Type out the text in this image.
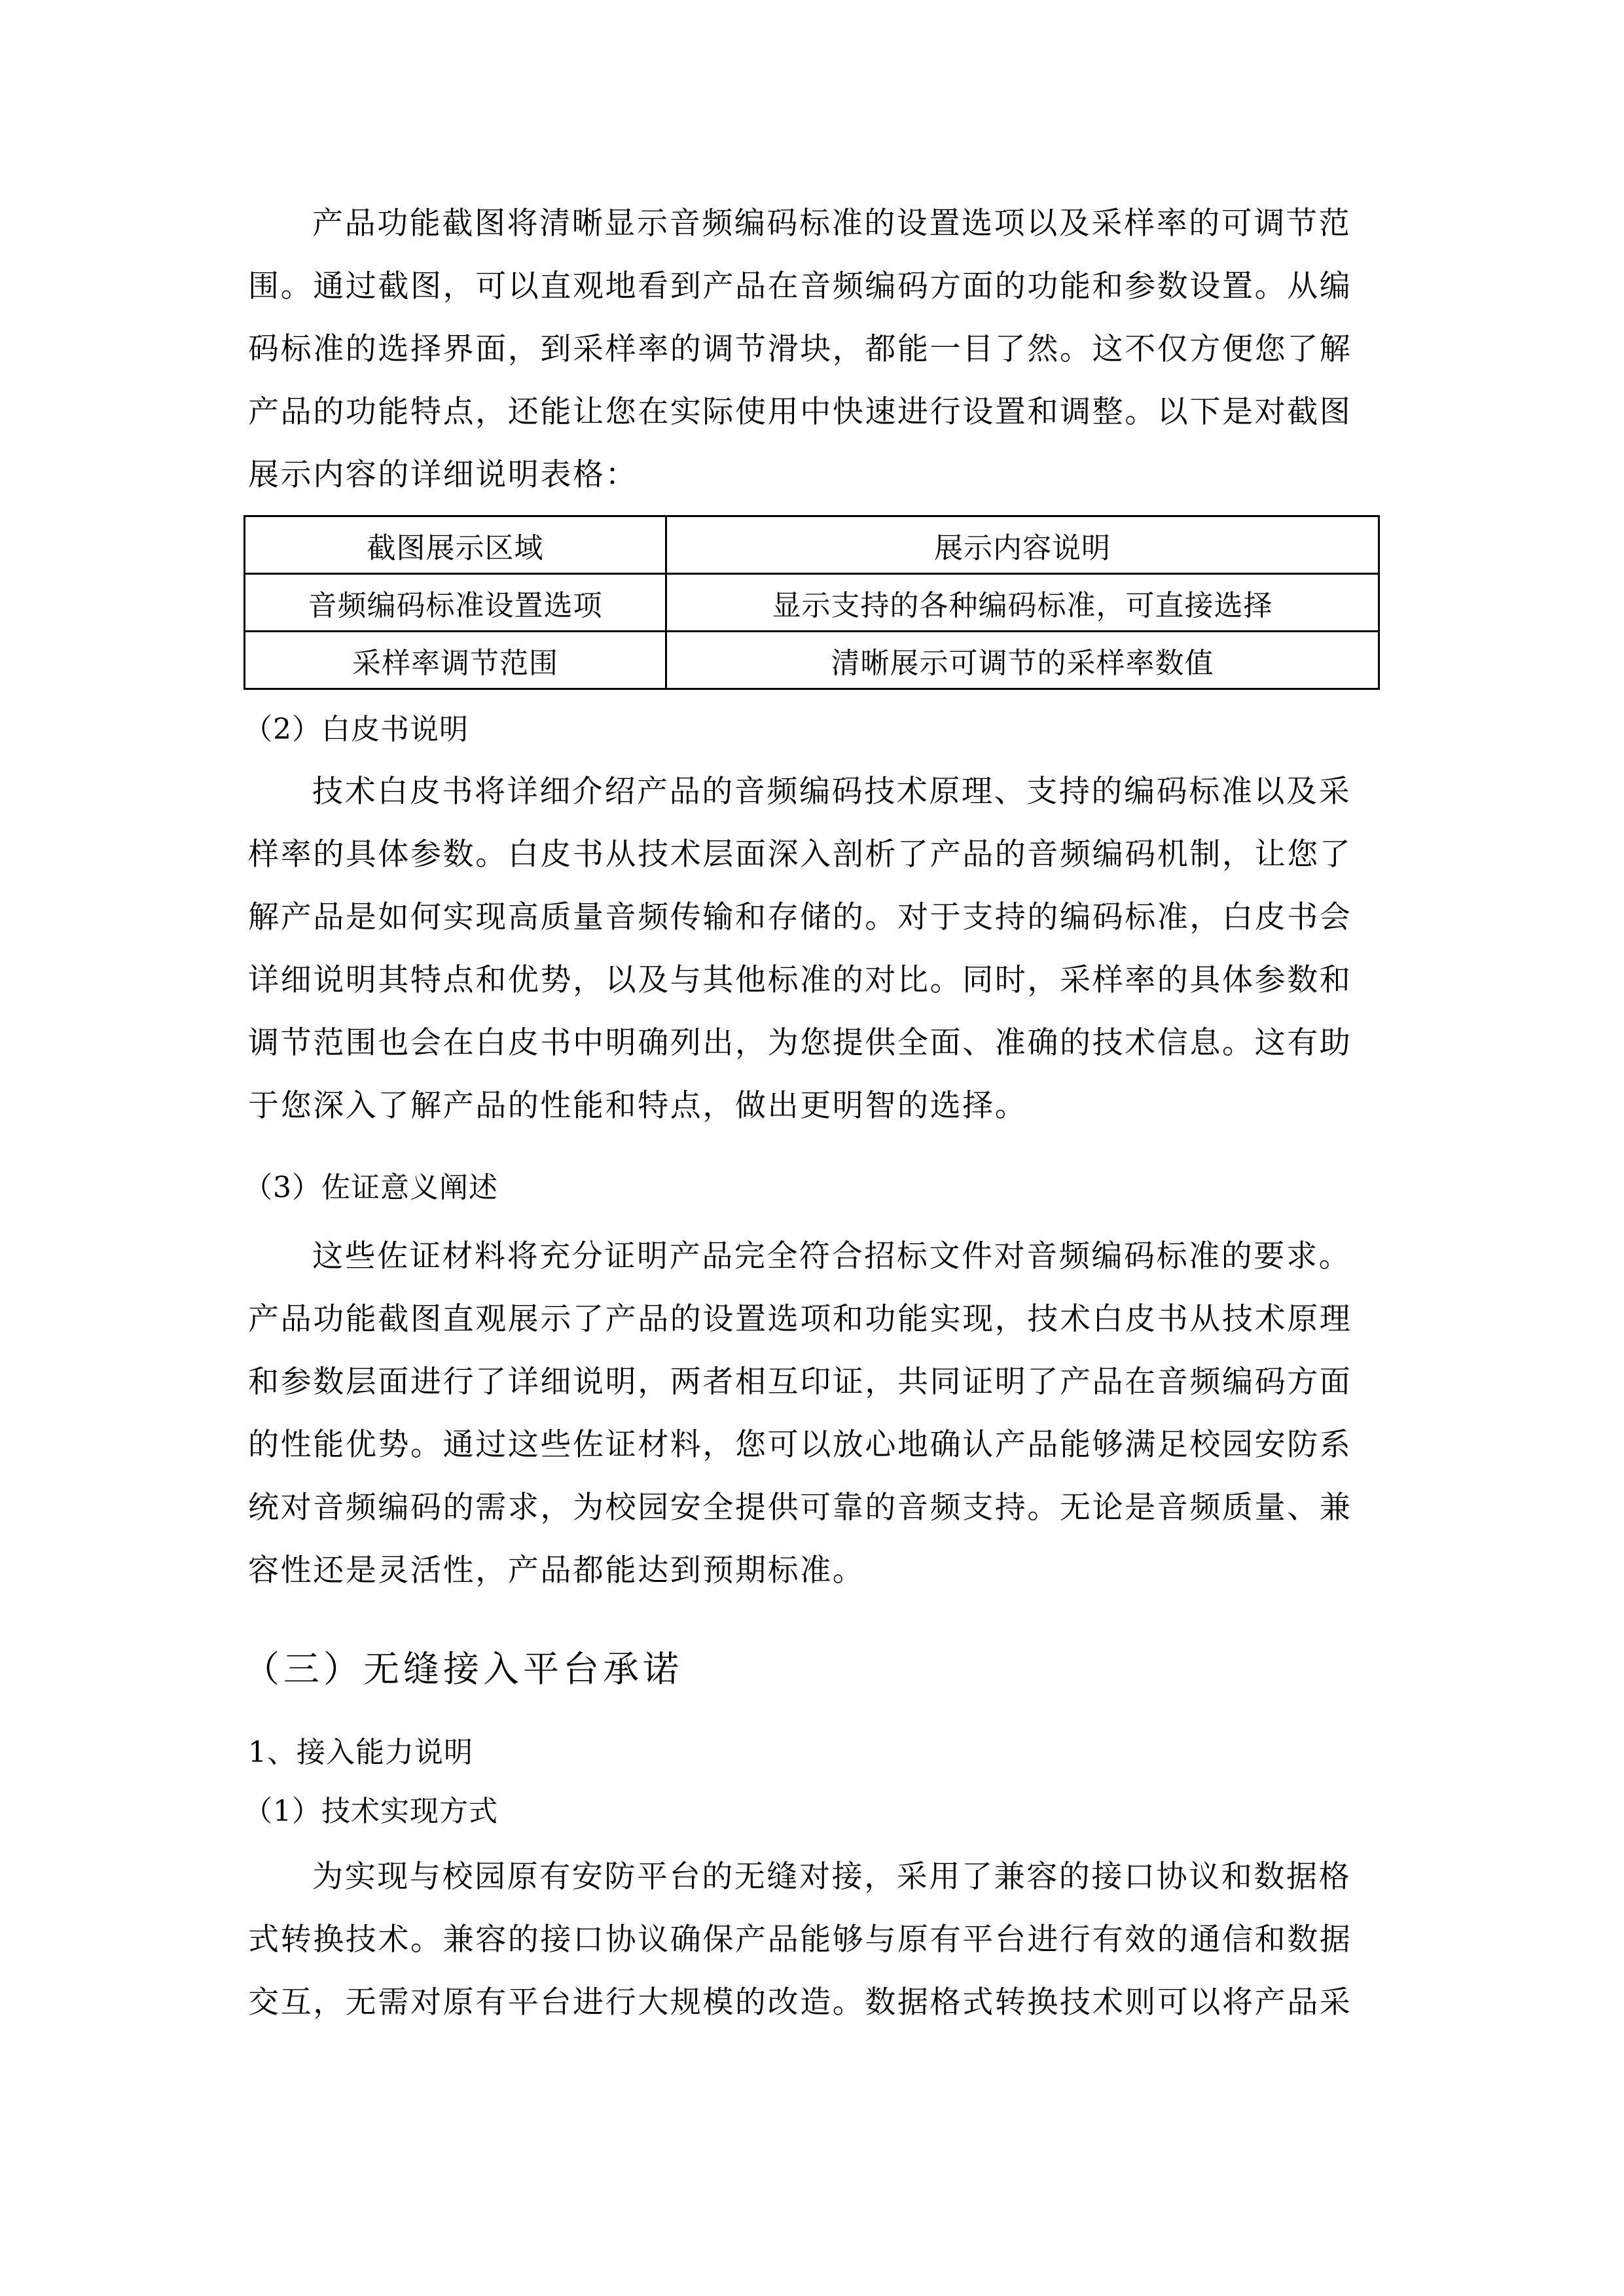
产品功能截图将清晰显示音频编码标准的设置选项以及采样率的可调节范
围。通过截图，可以直观地看到产品在音频编码方面的功能和参数设置。从编
码标准的选择界面，到采样率的调节滑块，都能一目了然。这不仅方便您了解
产品的功能特点，还能让您在实际使用中快速进行设置和调整。以下是对截图
展示内容的详细说明表格：
截图展示区域	展示内容说明
音频编码标准设置选项	显示支持的各种编码标准，可直接选择
采样率调节范围	清晰展示可调节的采样率数值
（2）白皮书说明
技术白皮书将详细介绍产品的音频编码技术原理、支持的编码标准以及采
样率的具体参数。白皮书从技术层面深入剖析了产品的音频编码机制，让您了
解产品是如何实现高质量音频传输和存储的。对于支持的编码标准，白皮书会
详细说明其特点和优势，以及与其他标准的对比。同时，采样率的具体参数和
调节范围也会在白皮书中明确列出，为您提供全面、准确的技术信息。这有助
于您深入了解产品的性能和特点，做出更明智的选择。
（3）佐证意义阐述
这些佐证材料将充分证明产品完全符合招标文件对音频编码标准的要求。
产品功能截图直观展示了产品的设置选项和功能实现，技术白皮书从技术原理
和参数层面进行了详细说明，两者相互印证，共同证明了产品在音频编码方面
的性能优势。通过这些佐证材料，您可以放心地确认产品能够满足校园安防系
统对音频编码的需求，为校园安全提供可靠的音频支持。无论是音频质量、兼
容性还是灵活性，产品都能达到预期标准。
（三）无缝接入平台承诺
1、接入能力说明
（1）技术实现方式
为实现与校园原有安防平台的无缝对接，采用了兼容的接口协议和数据格
式转换技术。兼容的接口协议确保产品能够与原有平台进行有效的通信和数据
交互，无需对原有平台进行大规模的改造。数据格式转换技术则可以将产品采
